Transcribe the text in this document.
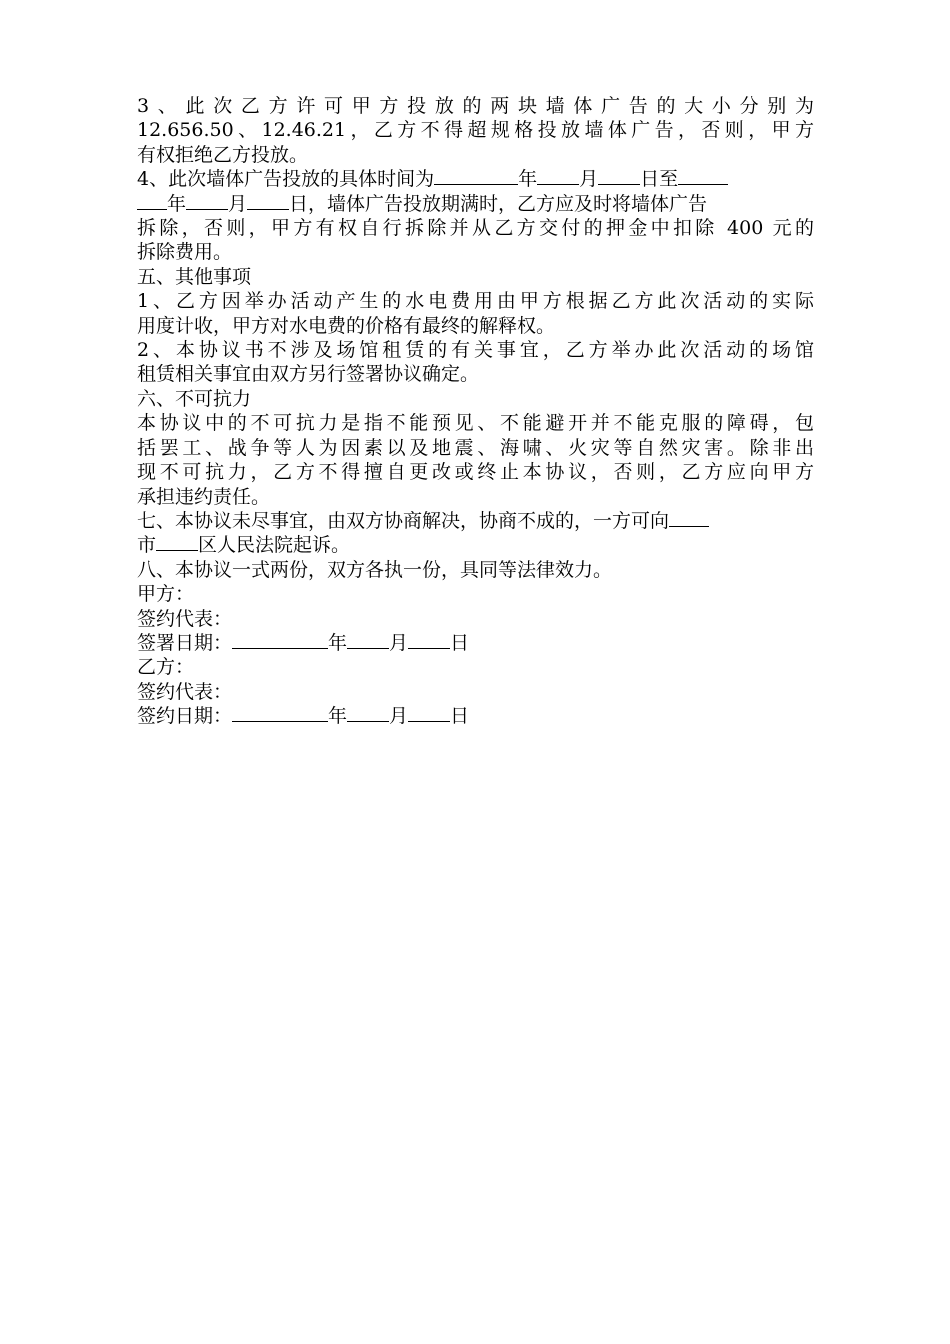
3、此次乙方许可甲方投放的两块墙体广告的大小分别为

12.656.50、12.46.21，乙方不得超规格投放墙体广告，否则，甲方

有权拒绝乙方投放。

4、此次墙体广告投放的具体时间为	年 月 日至

年 月 日，墙体广告投放期满时，乙方应及时将墙体广告

拆除，否则，甲方有权自行拆除并从乙方交付的押金中扣除 400 元的

拆除费用。

五、其他事项

1、乙方因举办活动产生的水电费用由甲方根据乙方此次活动的实际

用度计收，甲方对水电费的价格有最终的解释权。

2、本协议书不涉及场馆租赁的有关事宜，乙方举办此次活动的场馆

租赁相关事宜由双方另行签署协议确定。

六、不可抗力

本协议中的不可抗力是指不能预见、不能避开并不能克服的障碍，包

括罢工、战争等人为因素以及地震、海啸、火灾等自然灾害。除非出

现不可抗力，乙方不得擅自更改或终止本协议，否则，乙方应向甲方

承担违约责任。

七、本协议未尽事宜，由双方协商解决，协商不成的，一方可向

市 区人民法院起诉。

八、本协议一式两份，双方各执一份，具同等法律效力。

甲方：

签约代表：

签署日期：	年 月 日

乙方：

签约代表：

签约日期：	年 月 日
